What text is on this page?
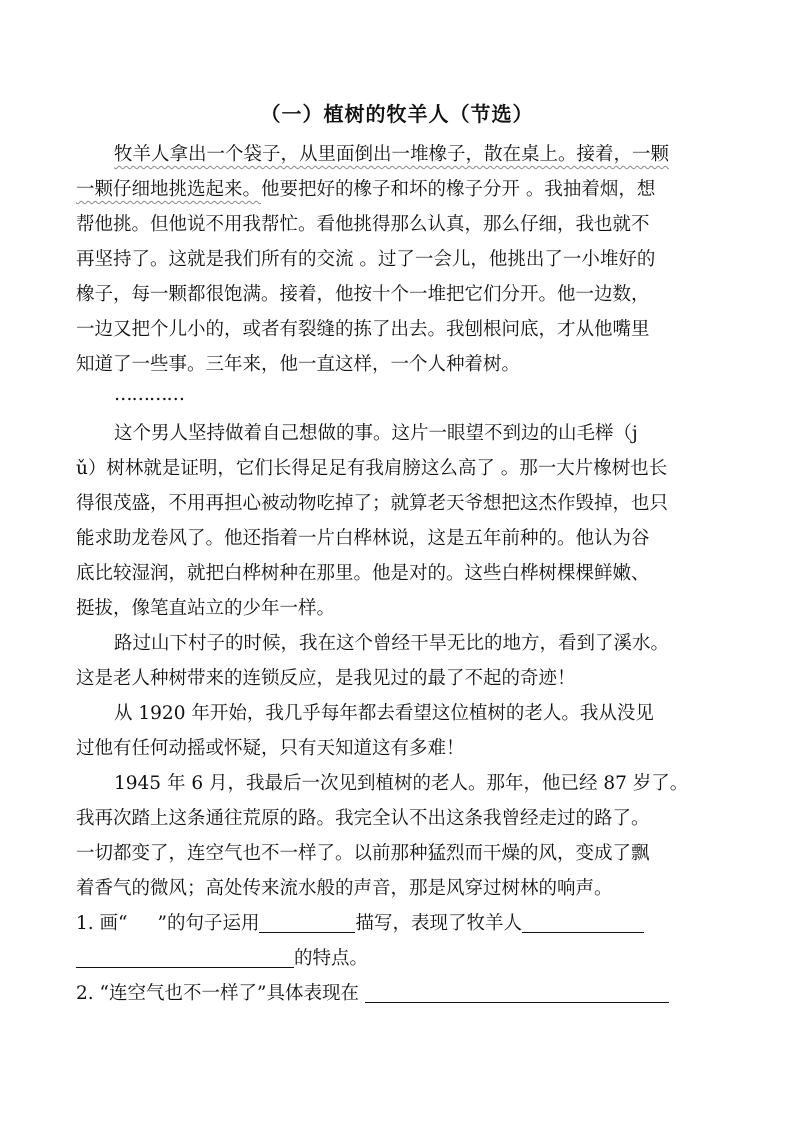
（一）植树的牧羊人（节选）
牧羊人拿出一个袋子，从里面倒出一堆橡子，散在桌上。接着，一颗
一颗仔细地挑选起来。他要把好的橡子和坏的橡子分开 。我抽着烟，想
帮他挑。但他说不用我帮忙。看他挑得那么认真，那么仔细，我也就不
再坚持了。这就是我们所有的交流 。过了一会儿，他挑出了一小堆好的
橡子，每一颗都很饱满。接着，他按十个一堆把它们分开。他一边数，
一边又把个儿小的，或者有裂缝的拣了出去。我刨根问底，才从他嘴里
知道了一些事。三年来，他一直这样，一个人种着树。
…………
这个男人坚持做着自己想做的事。这片一眼望不到边的山毛榉（j
ǔ）树林就是证明，它们长得足足有我肩膀这么高了 。那一大片橡树也长
得很茂盛，不用再担心被动物吃掉了；就算老天爷想把这杰作毁掉，也只
能求助龙卷风了。他还指着一片白桦林说，这是五年前种的。他认为谷
底比较湿润，就把白桦树种在那里。他是对的。这些白桦树棵棵鲜嫩、
挺拔，像笔直站立的少年一样。
路过山下村子的时候，我在这个曾经干旱无比的地方，看到了溪水。
这是老人种树带来的连锁反应，是我见过的最了不起的奇迹！
从 1920 年开始，我几乎每年都去看望这位植树的老人。我从没见
过他有任何动摇或怀疑，只有天知道这有多难！
1945 年 6 月，我最后一次见到植树的老人。那年，他已经 87 岁了。
我再次踏上这条通往荒原的路。我完全认不出这条我曾经走过的路了。
一切都变了，连空气也不一样了。以前那种猛烈而干燥的风，变成了飘
着香气的微风；高处传来流水般的声音，那是风穿过树林的响声。
1. 画“ ”的句子运用	描写，表现了牧羊人
的特点。
2. “连空气也不一样了”具体表现在
